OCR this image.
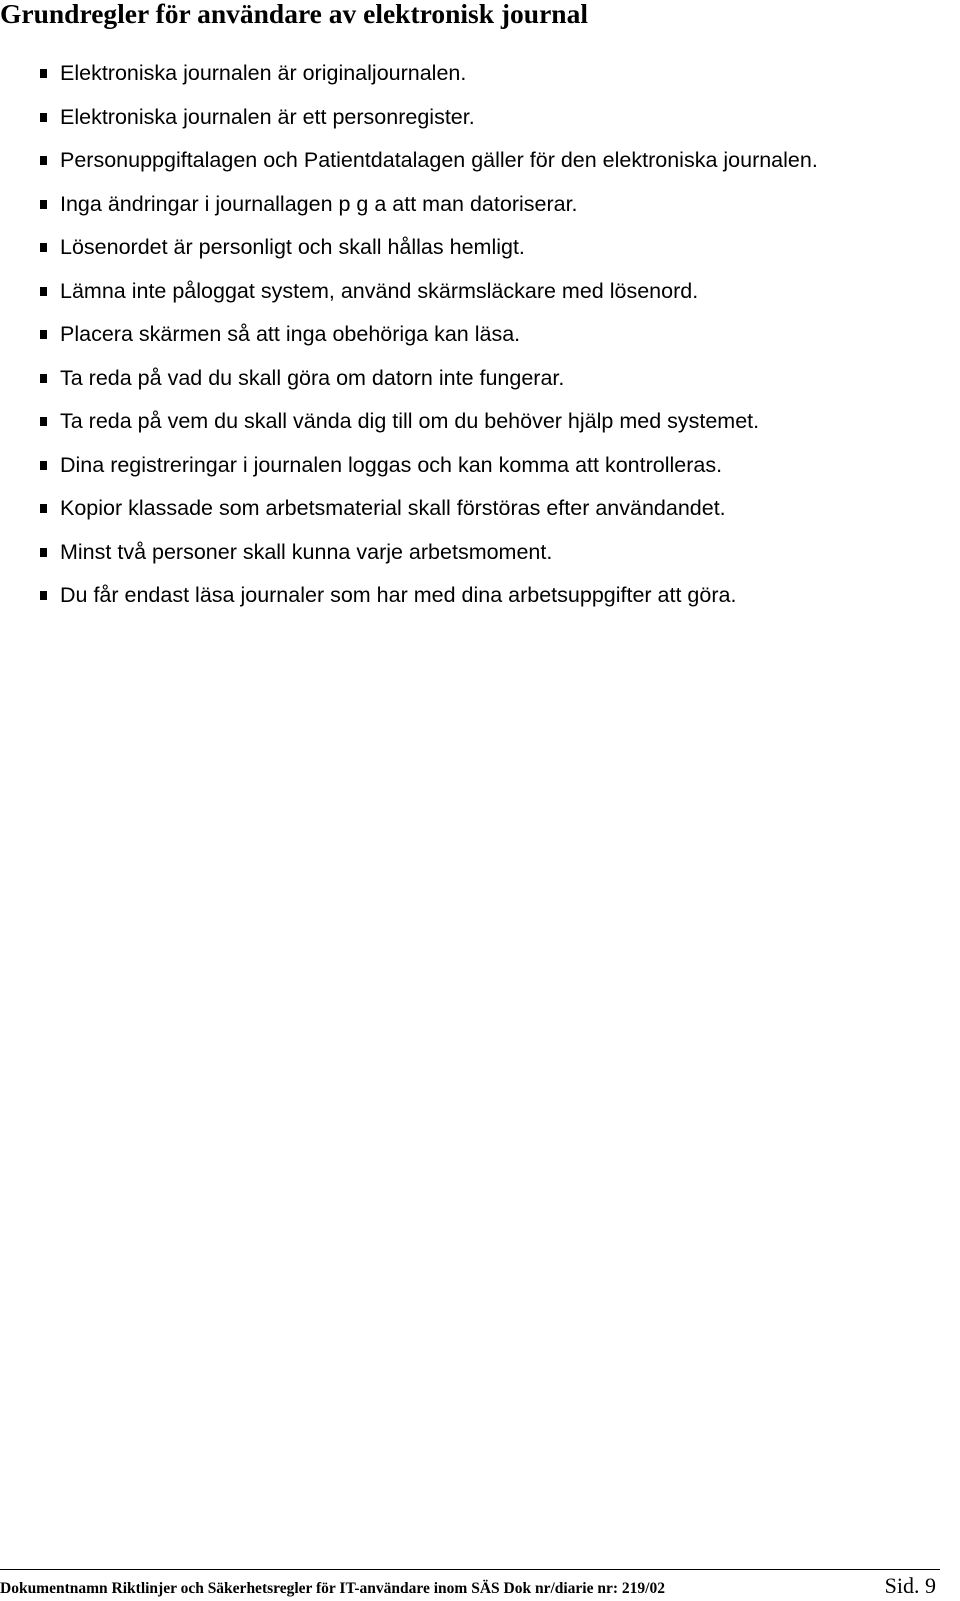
Grundregler för användare av elektronisk journal
Elektroniska journalen är originaljournalen.
Elektroniska journalen är ett personregister.
Personuppgiftalagen och Patientdatalagen gäller för den elektroniska journalen.
Inga ändringar i journallagen p g a att man datoriserar.
Lösenordet är personligt och skall hållas hemligt.
Lämna inte påloggat system, använd skärmsläckare med lösenord.
Placera skärmen så att inga obehöriga kan läsa.
Ta reda på vad du skall göra om datorn inte fungerar.
Ta reda på vem du skall vända dig till om du behöver hjälp med systemet.
Dina registreringar i journalen loggas och kan komma att kontrolleras.
Kopior klassade som arbetsmaterial skall förstöras efter användandet.
Minst två personer skall kunna varje arbetsmoment.
Du får endast läsa journaler som har med dina arbetsuppgifter att göra.
Dokumentnamn Riktlinjer och Säkerhetsregler för IT-användare inom SÄS Dok nr/diarie nr: 219/02	Sid. 9
